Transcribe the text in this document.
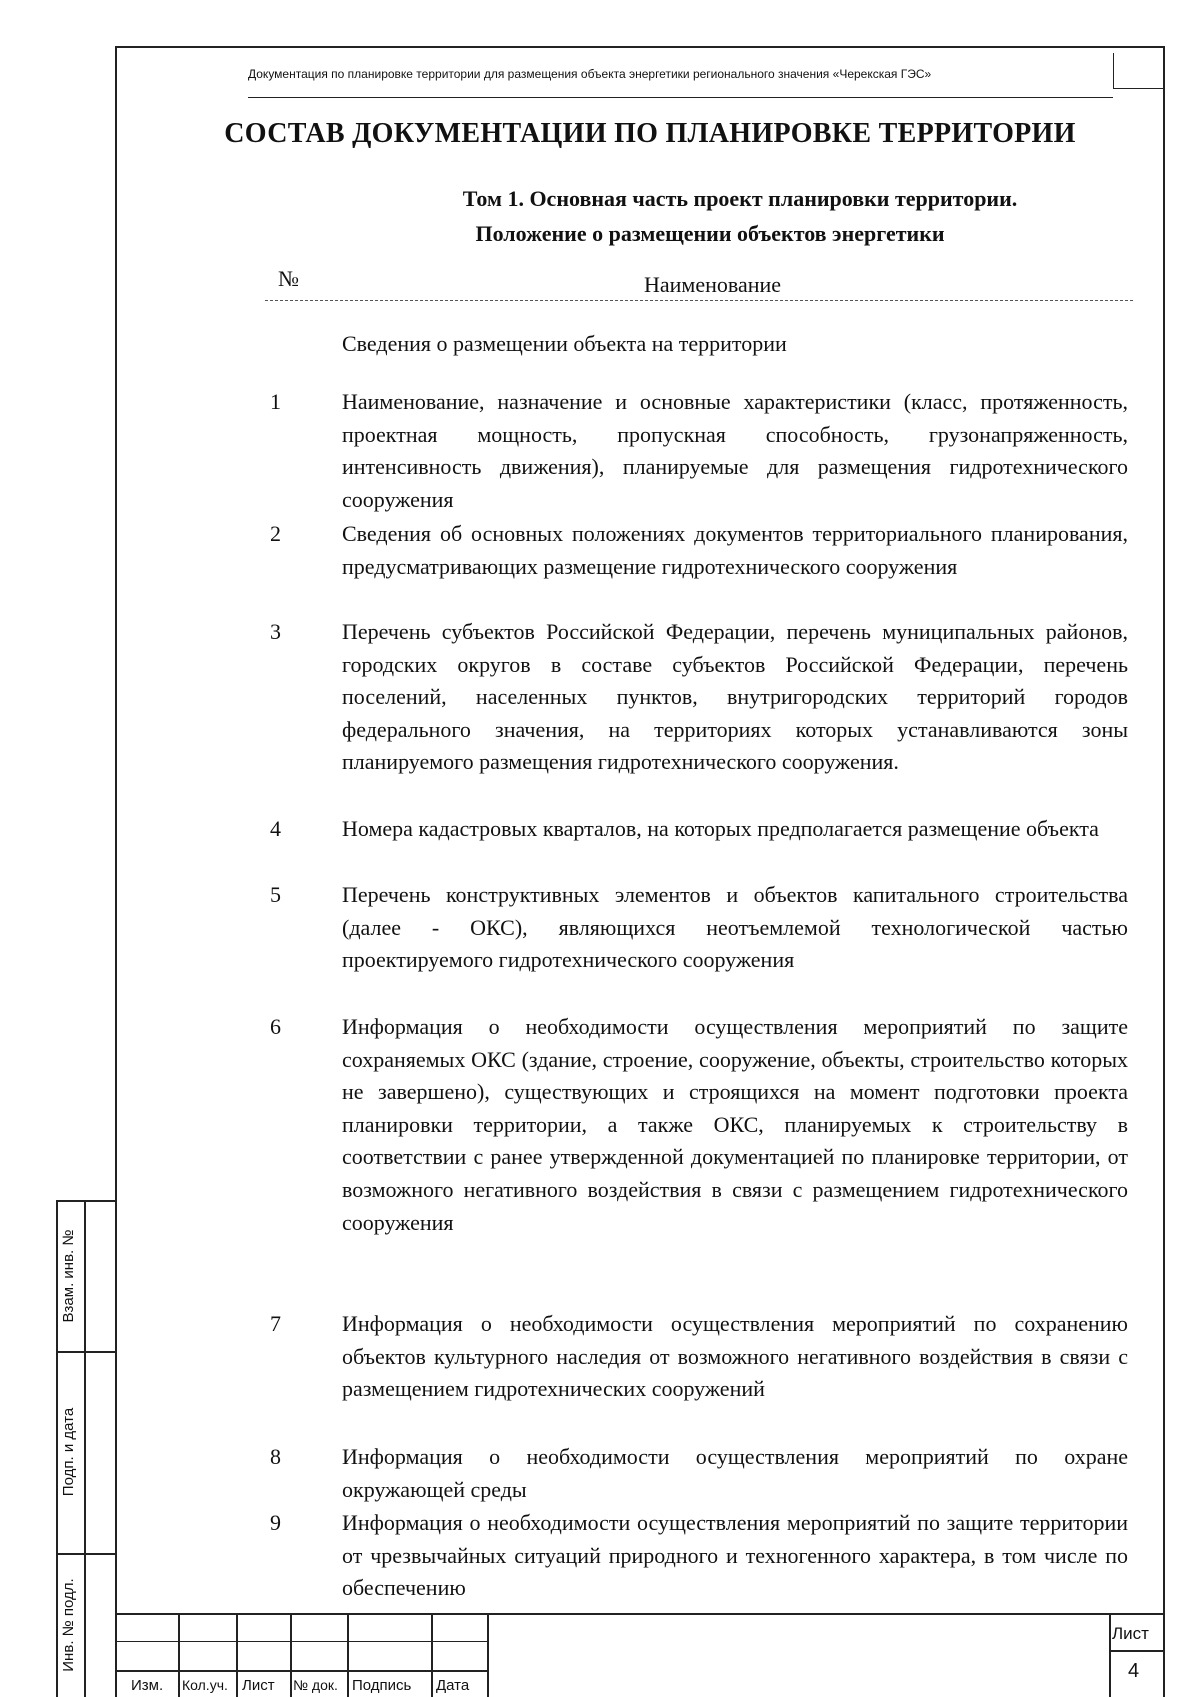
Документация по планировке территории для размещения объекта энергетики регионального значения «Черекская ГЭС»
СОСТАВ ДОКУМЕНТАЦИИ ПО ПЛАНИРОВКЕ ТЕРРИТОРИИ
Том 1. Основная часть проект планировки территории.
Положение о размещении объектов энергетики
№	Наименование
Сведения о размещении объекта на территории
1	Наименование, назначение и основные характеристики (класс, протяженность, проектная мощность, пропускная способность, грузонапряженность, интенсивность движения), планируемые для размещения гидротехнического сооружения
2	Сведения об основных положениях документов территориального планирования, предусматривающих размещение гидротехнического сооружения
3	Перечень субъектов Российской Федерации, перечень муниципальных районов, городских округов в составе субъектов Российской Федерации, перечень поселений, населенных пунктов, внутригородских территорий городов федерального значения, на территориях которых устанавливаются зоны планируемого размещения гидротехнического сооружения.
4	Номера кадастровых кварталов, на которых предполагается размещение объекта
5	Перечень конструктивных элементов и объектов капитального строительства (далее - ОКС), являющихся неотъемлемой технологической частью проектируемого гидротехнического сооружения
6	Информация о необходимости осуществления мероприятий по защите сохраняемых ОКС (здание, строение, сооружение, объекты, строительство которых не завершено), существующих и строящихся на момент подготовки проекта планировки территории, а также ОКС, планируемых к строительству в соответствии с ранее утвержденной документацией по планировке территории, от возможного негативного воздействия в связи с размещением гидротехнического сооружения
7	Информация о необходимости осуществления мероприятий по сохранению объектов культурного наследия от возможного негативного воздействия в связи с размещением гидротехнических сооружений
8	Информация о необходимости осуществления мероприятий по охране окружающей среды
9	Информация о необходимости осуществления мероприятий по защите территории от чрезвычайных ситуаций природного и техногенного характера, в том числе по обеспечению
Взам. инв. №
Подп. и дата
Инв. № подл.
Изм. Кол.уч. Лист № док. Подпись Дата
Лист
4
